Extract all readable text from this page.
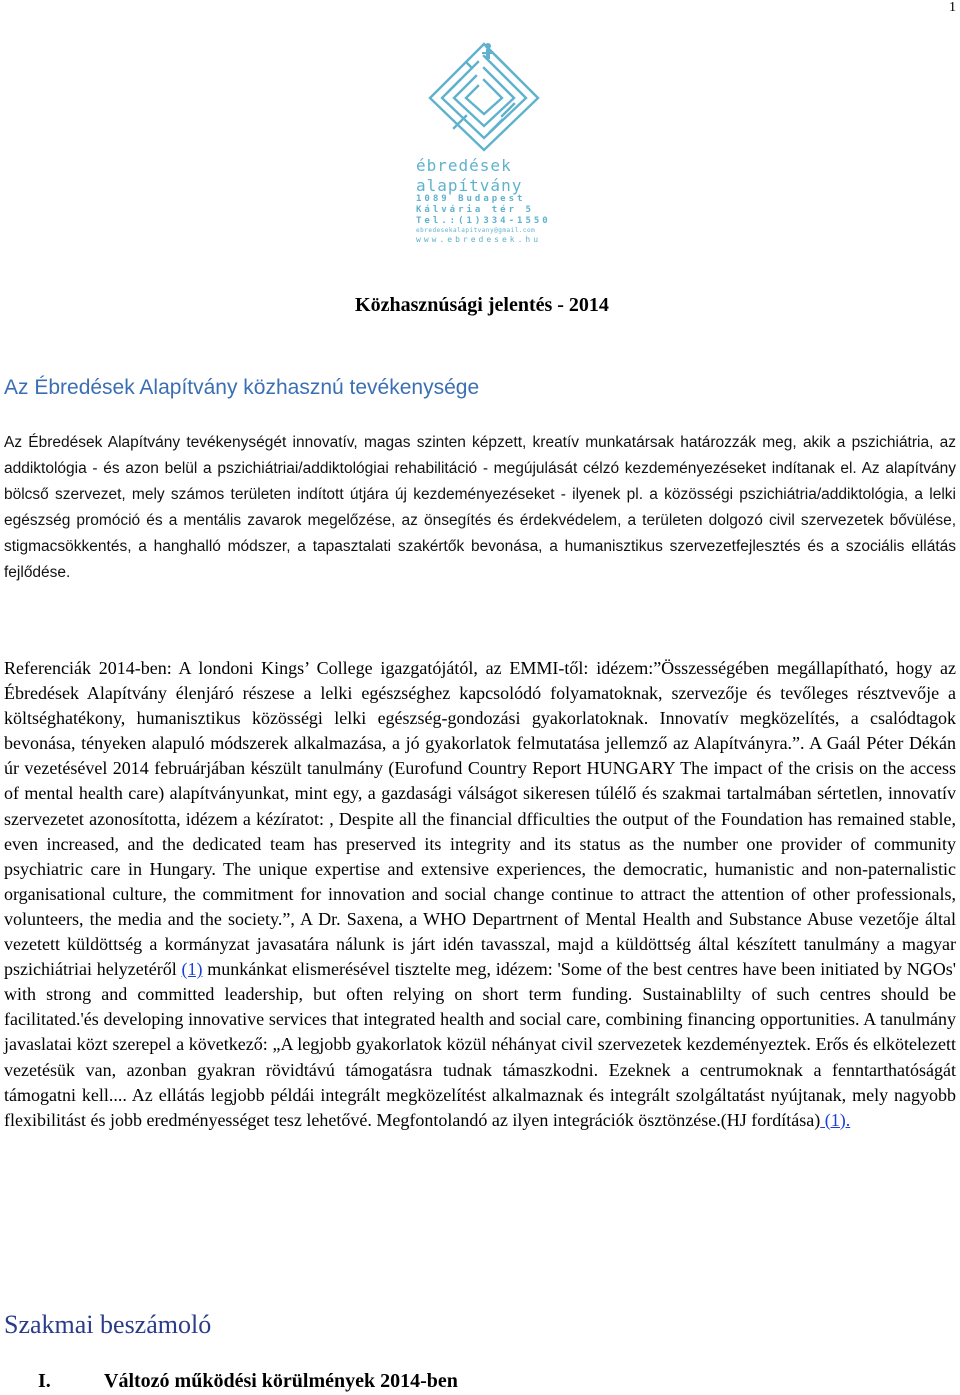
1
ébredések
alapítvány
1089 Budapest
Kálvária tér 5
Tel.:(1)334-1550
ebredesekalapitvany@gmail.com
www.ebredesek.hu
Közhasznúsági jelentés - 2014
Az Ébredések Alapítvány közhasznú tevékenysége

Az Ébredések Alapítvány tevékenységét innovatív, magas szinten képzett, kreatív munkatársak határozzák meg, akik a pszichiátria, az addiktológia - és azon belül a pszichiátriai/addiktológiai rehabilitáció - megújulását célzó kezdeményezéseket indítanak el. Az alapítvány bölcső szervezet, mely számos területen indított útjára új kezdeményezéseket - ilyenek pl. a közösségi pszichiátria/addiktológia, a lelki egészség promóció és a mentális zavarok megelőzése, az önsegítés és érdekvédelem, a területen dolgozó civil szervezetek bővülése, stigmacsökkentés, a hanghalló módszer, a tapasztalati szakértők bevonása, a humanisztikus szervezetfejlesztés és a szociális ellátás fejlődése.

Referenciák 2014-ben: A londoni Kings’ College igazgatójától, az EMMI-től: idézem:”Összességében megállapítható, hogy az Ébredések Alapítvány élenjáró részese a lelki egészséghez kapcsolódó folyamatoknak, szervezője és tevőleges résztvevője a költséghatékony, humanisztikus közösségi lelki egészség-gondozási gyakorlatoknak. Innovatív megközelítés, a csalódtagok bevonása, tényeken alapuló módszerek alkalmazása, a jó gyakorlatok felmutatása jellemző az Alapítványra.”. A Gaál Péter Dékán úr vezetésével 2014 februárjában készült tanulmány (Eurofund Country Report HUNGARY The impact of the crisis on the access of mental health care) alapítványunkat, mint egy, a gazdasági válságot sikeresen túlélő és szakmai tartalmában sértetlen, innovatív szervezetet azonosította, idézem a kézíratot: , Despite all the financial dfficulties the output of the Foundation has remained stable, even increased, and the dedicated team has preserved its integrity and its status as the number one provider of community psychiatric care in Hungary. The unique expertise and extensive experiences, the democratic, humanistic and non-paternalistic organisational culture, the commitment for innovation and social change continue to attract the attention of other professionals, volunteers, the media and the society.”, A Dr. Saxena, a WHO Departrnent of Mental Health and Substance Abuse vezetője által vezetett küldöttség a kormányzat javasatára nálunk is járt idén tavasszal, majd a küldöttség által készített tanulmány a magyar pszichiátriai helyzetéről (1) munkánkat elismerésével tisztelte meg, idézem: 'Some of the best centres have been initiated by NGOs' with strong and committed leadership, but often relying on short term funding. Sustainablilty of such centres should be facilitated.'és developing innovative services that integrated health and social care, combining financing opportunities. A tanulmány javaslatai közt szerepel a következő: „A legjobb gyakorlatok közül néhányat civil szervezetek kezdeményeztek. Erős és elkötelezett vezetésük van, azonban gyakran rövidtávú támogatásra tudnak támaszkodni. Ezeknek a centrumoknak a fenntarthatóságát támogatni kell.... Az ellátás legjobb példái integrált megközelítést alkalmaznak és integrált szolgáltatást nyújtanak, mely nagyobb flexibilitást és jobb eredményességet tesz lehetővé. Megfontolandó az ilyen integrációk ösztönzése.(HJ fordítása) (1).

Szakmai beszámoló
I.	Változó működési körülmények 2014-ben
